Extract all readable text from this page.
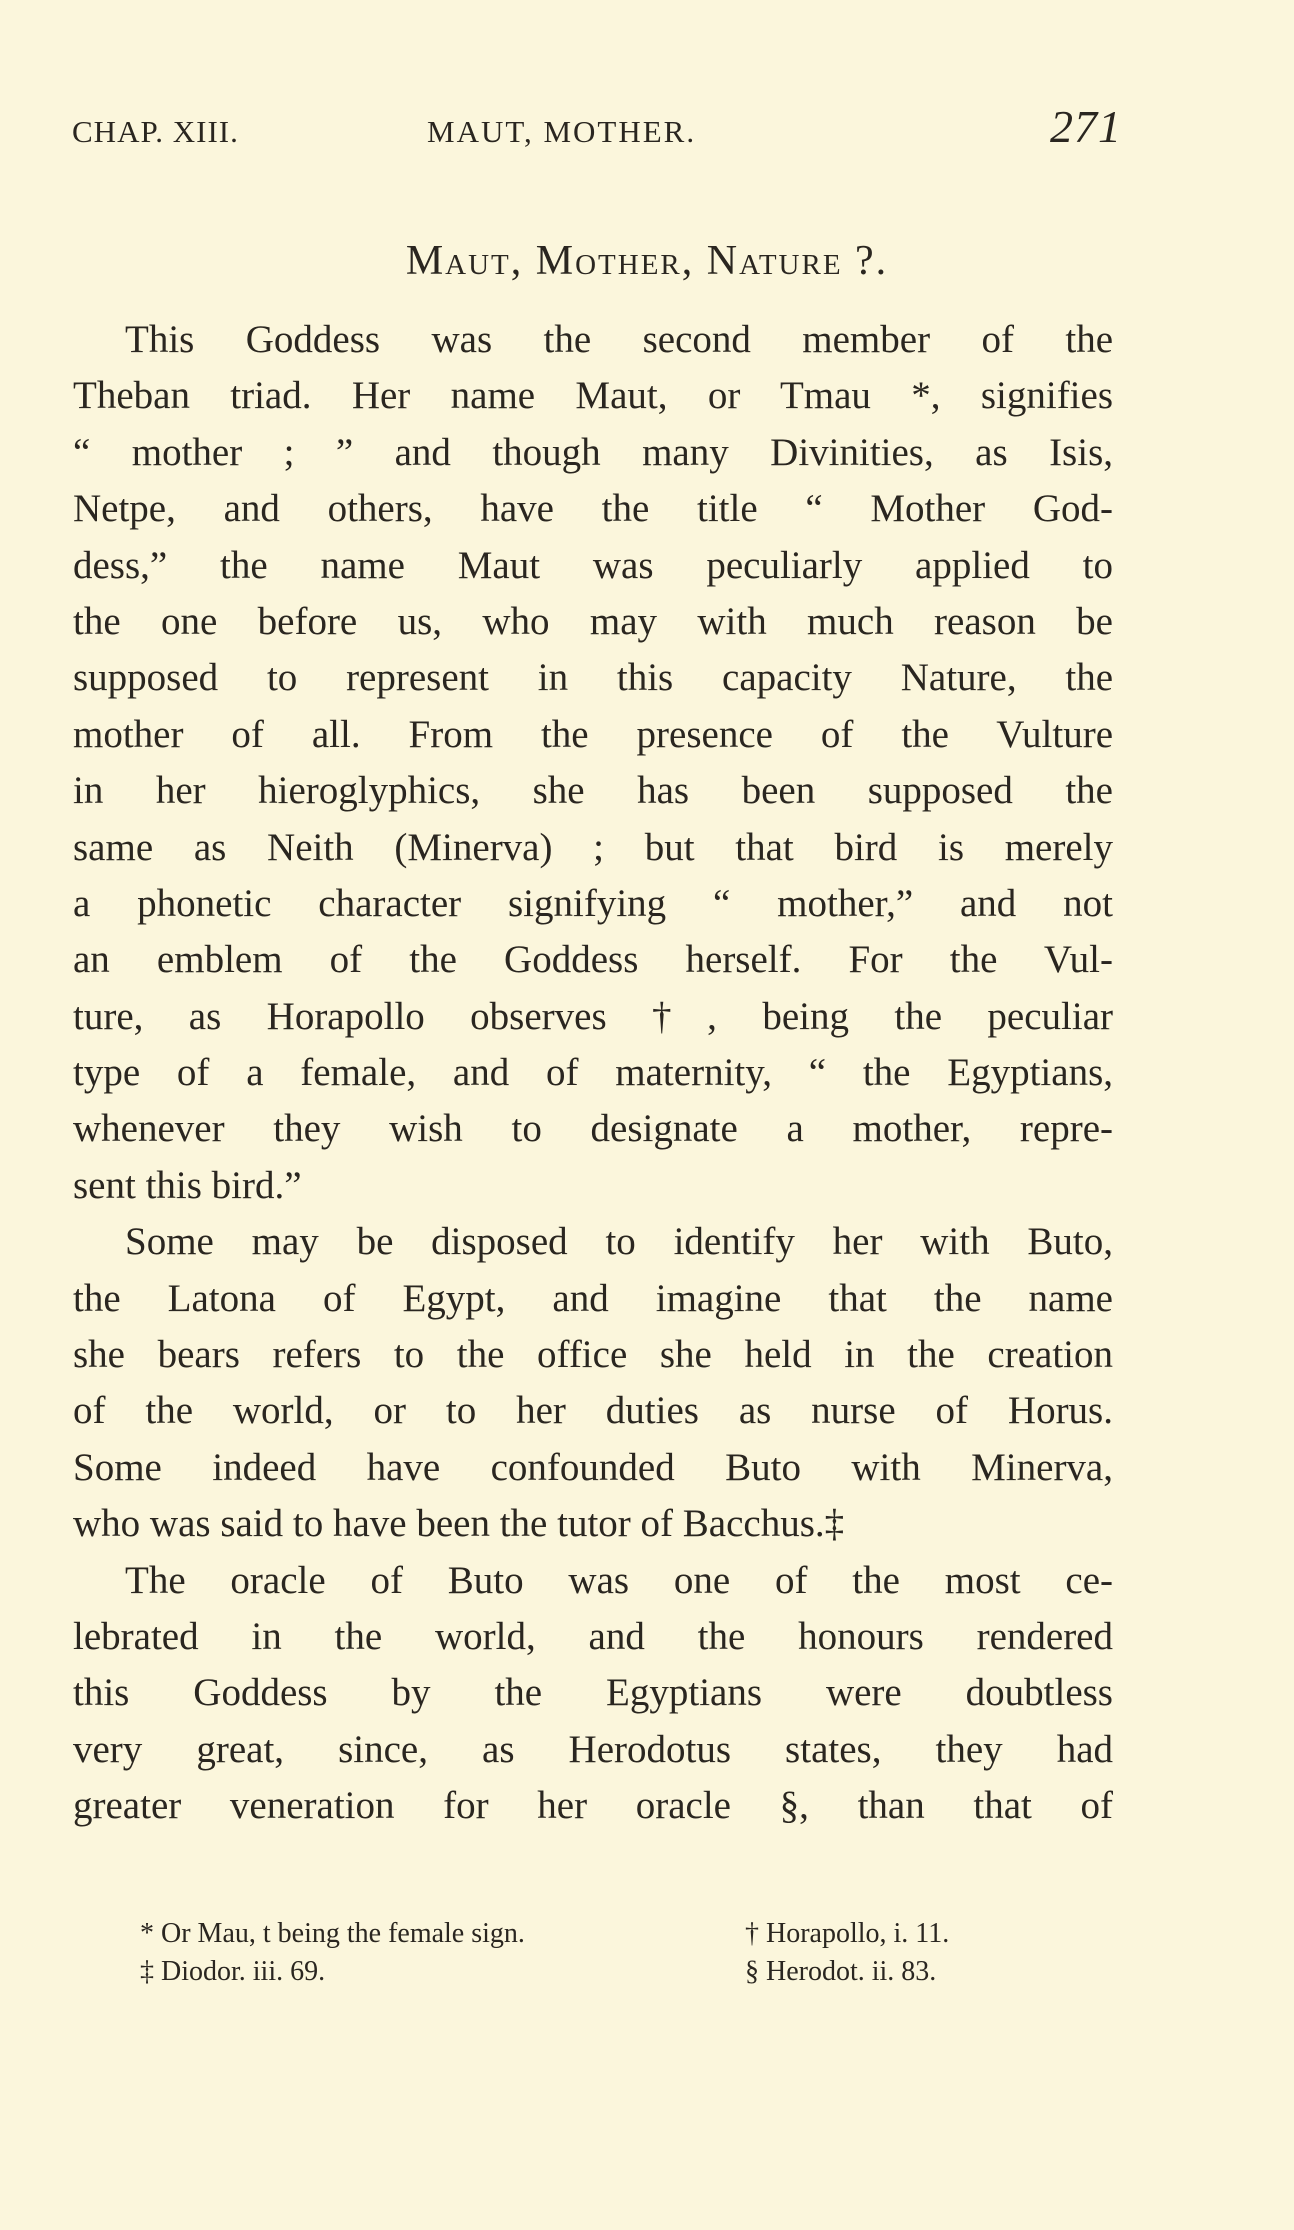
CHAP. XIII.	MAUT, MOTHER.	271
Maut, Mother, Nature ?.
This Goddess was the second member of the
Theban triad. Her name Maut, or Tmau *, signifies
“ mother ; ” and though many Divinities, as Isis,
Netpe, and others, have the title “ Mother God-
dess,” the name Maut was peculiarly applied to
the one before us, who may with much reason be
supposed to represent in this capacity Nature, the
mother of all. From the presence of the Vulture
in her hieroglyphics, she has been supposed the
same as Neith (Minerva) ; but that bird is merely
a phonetic character signifying “ mother,” and not
an emblem of the Goddess herself. For the Vul-
ture, as Horapollo observes †, being the peculiar
type of a female, and of maternity, “ the Egyptians,
whenever they wish to designate a mother, repre-
sent this bird.”
Some may be disposed to identify her with Buto,
the Latona of Egypt, and imagine that the name
she bears refers to the office she held in the creation
of the world, or to her duties as nurse of Horus.
Some indeed have confounded Buto with Minerva,
who was said to have been the tutor of Bacchus.‡
The oracle of Buto was one of the most ce-
lebrated in the world, and the honours rendered
this Goddess by the Egyptians were doubtless
very great, since, as Herodotus states, they had
greater veneration for her oracle §, than that of
* Or Mau, t being the female sign.	† Horapollo, i. 11.
‡ Diodor. iii. 69.	§ Herodot. ii. 83.
